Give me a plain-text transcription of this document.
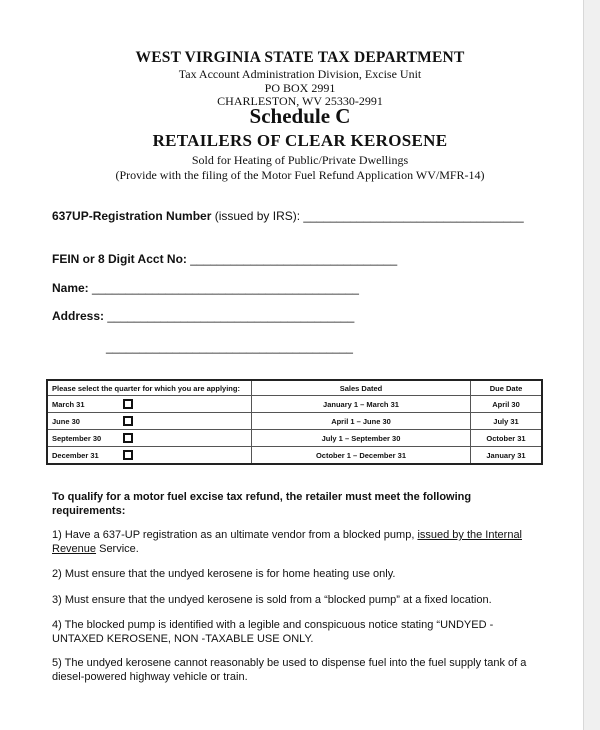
WEST VIRGINIA STATE TAX DEPARTMENT
Tax Account Administration Division, Excise Unit
PO BOX 2991
CHARLESTON, WV 25330-2991
Schedule C
RETAILERS OF CLEAR KEROSENE
Sold for Heating of Public/Private Dwellings
(Provide with the filing of the Motor Fuel Refund Application WV/MFR-14)
637UP-Registration Number (issued by IRS): _________________________________
FEIN or 8 Digit Acct No: _______________________________
Name: ________________________________________
Address: _____________________________________
_____________________________________
Please select the quarter for which you are applying:		Sales Dated	Due Date
March 31		January 1 – March 31	April 30
June 30		April 1 – June 30	July 31
September 30		July 1 – September 30	October 31
December 31		October 1 – December 31	January 31
To qualify for a motor fuel excise tax refund, the retailer must meet the following requirements:
1) Have a 637-UP registration as an ultimate vendor from a blocked pump, issued by the Internal Revenue Service.
2) Must ensure that the undyed kerosene is for home heating use only.
3) Must ensure that the undyed kerosene is sold from a “blocked pump” at a fixed location.
4) The blocked pump is identified with a legible and conspicuous notice stating “UNDYED - UNTAXED KEROSENE, NON -TAXABLE USE ONLY.
5) The undyed kerosene cannot reasonably be used to dispense fuel into the fuel supply tank of a diesel-powered highway vehicle or train.
